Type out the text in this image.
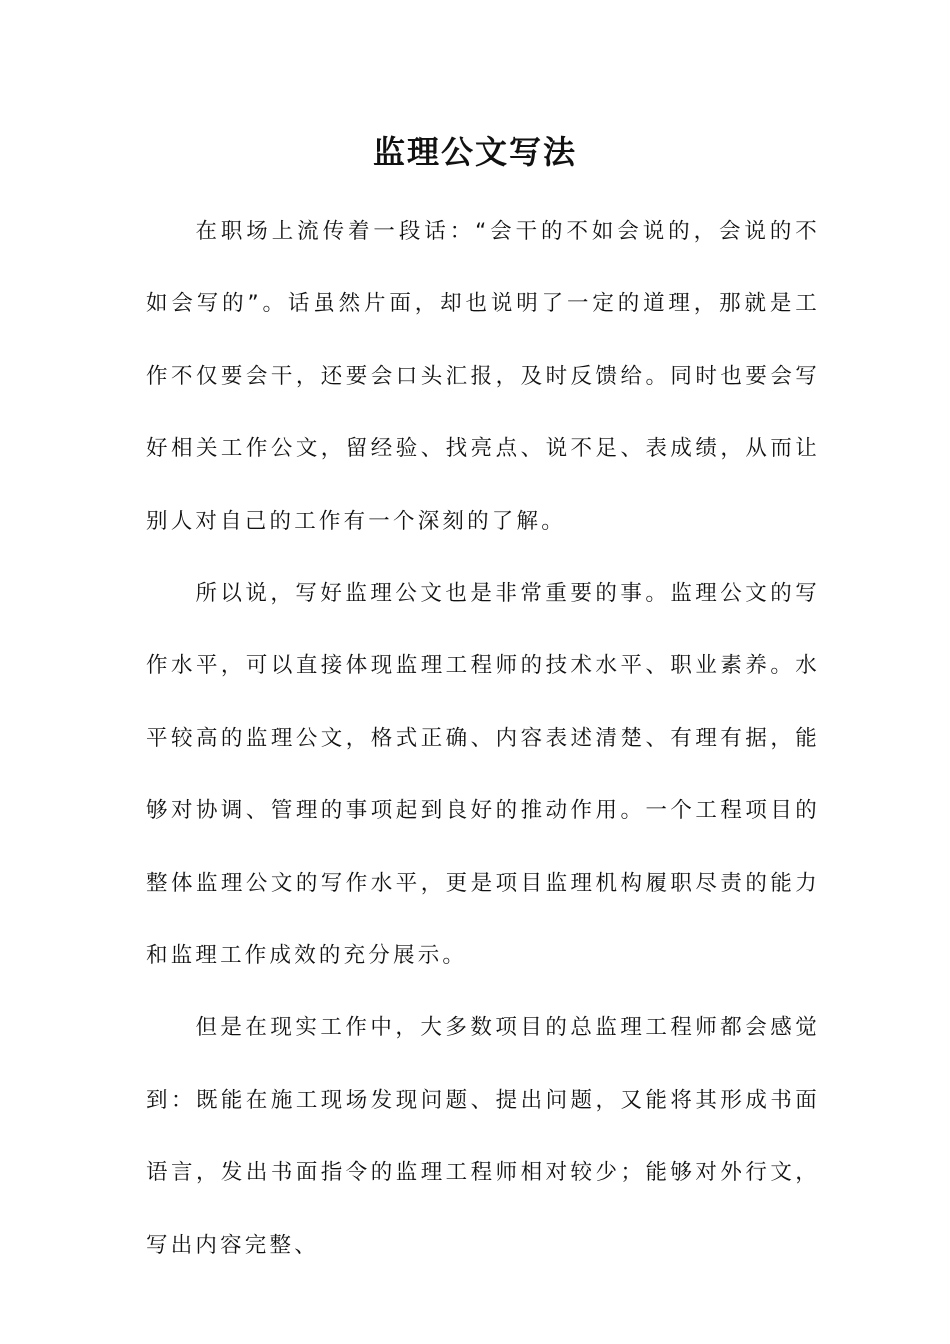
监理公文写法

在职场上流传着一段话：“会干的不如会说的，会说的不如会写的”。话虽然片面，却也说明了一定的道理，那就是工作不仅要会干，还要会口头汇报，及时反馈给。同时也要会写好相关工作公文，留经验、找亮点、说不足、表成绩，从而让别人对自己的工作有一个深刻的了解。

所以说，写好监理公文也是非常重要的事。监理公文的写作水平，可以直接体现监理工程师的技术水平、职业素养。水平较高的监理公文，格式正确、内容表述清楚、有理有据，能够对协调、管理的事项起到良好的推动作用。一个工程项目的整体监理公文的写作水平，更是项目监理机构履职尽责的能力和监理工作成效的充分展示。

但是在现实工作中，大多数项目的总监理工程师都会感觉到：既能在施工现场发现问题、提出问题，又能将其形成书面语言，发出书面指令的监理工程师相对较少；能够对外行文，写出内容完整、
